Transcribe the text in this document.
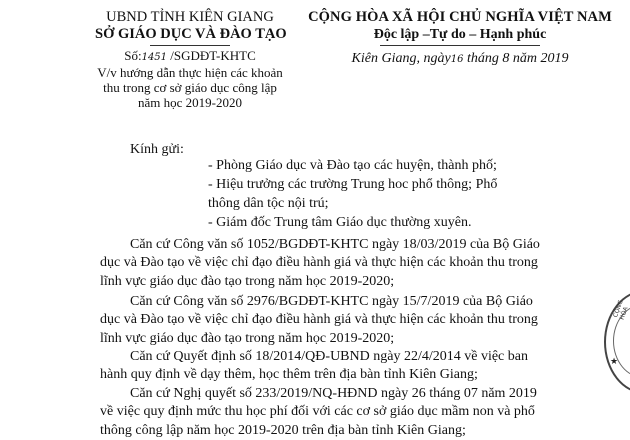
UBND TỈNH KIÊN GIANG
SỞ GIÁO DỤC VÀ ĐÀO TẠO
Số:1451 /SGDĐT-KHTC
V/v hướng dẫn thực hiện các khoản
thu trong cơ sở giáo dục công lập
năm học 2019-2020
CỘNG HÒA XÃ HỘI CHỦ NGHĨA VIỆT NAM
Độc lập –Tự do – Hạnh phúc
Kiên Giang, ngày16 tháng 8 năm 2019
Kính gửi:
- Phòng Giáo dục và Đào tạo các huyện, thành phố;
- Hiệu trưởng các trường Trung hoc phổ thông; Phổ
thông dân tộc nội trú;
- Giám đốc Trung tâm Giáo dục thường xuyên.
Căn cứ Công văn số 1052/BGDĐT-KHTC ngày 18/03/2019 của Bộ Giáo
dục và Đào tạo về việc chỉ đạo điều hành giá và thực hiện các khoản thu trong
lĩnh vực giáo dục đào tạo trong năm học 2019-2020;
Căn cứ Công văn số 2976/BGDĐT-KHTC ngày 15/7/2019 của Bộ Giáo
dục và Đào tạo về việc chỉ đạo điều hành giá và thực hiện các khoản thu trong
lĩnh vực giáo dục đào tạo trong năm học 2019-2020;
Căn cứ Quyết định số 18/2014/QĐ-UBND ngày 22/4/2014 về việc ban
hành quy định về dạy thêm, học thêm trên địa bàn tỉnh Kiên Giang;
Căn cứ Nghị quyết số 233/2019/NQ-HĐND ngày 26 tháng 07 năm 2019
về việc quy định mức thu học phí đối với các cơ sở giáo dục mầm non và phổ
thông công lập năm học 2019-2020 trên địa bàn tỉnh Kiên Giang;
CỘNG HÒA
★
